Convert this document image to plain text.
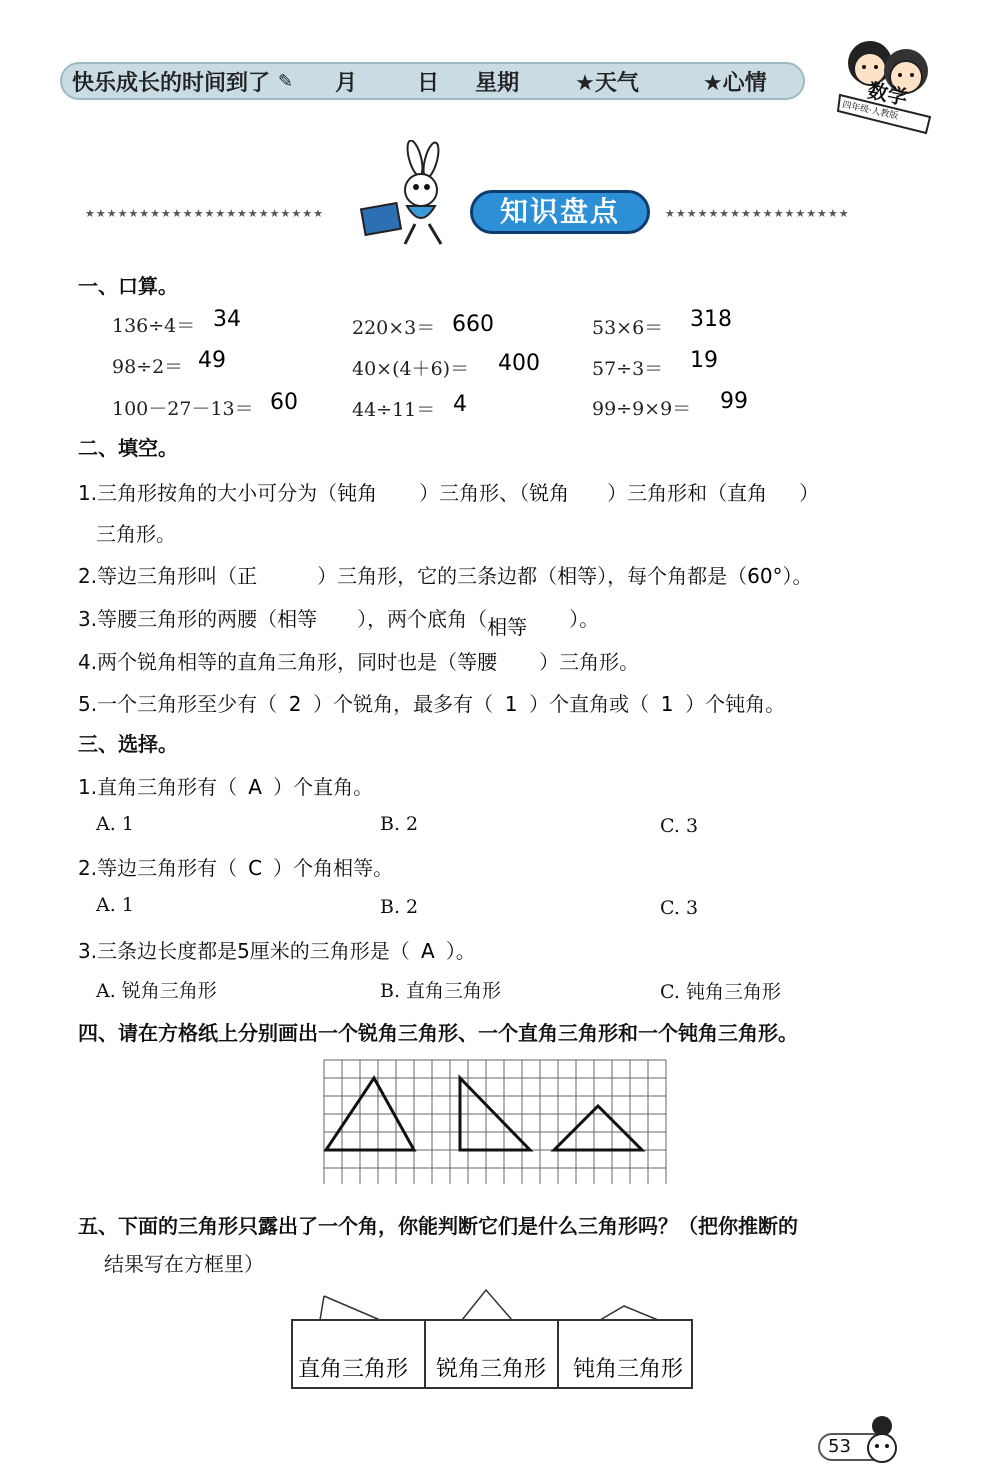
快乐成长的时间到了 ✎ 月	日 星期	★天气	★心情	数学
四年级·人教版
★★★★★★★★★★★★★★★★★★★★★★	★★★★★★★★★★★★★★★★★
知识盘点
一、口算。
136÷4＝ 34	220×3＝ 660	53×6＝ 318
98÷2＝ 49	40×(4＋6)＝ 400	57÷3＝ 19
100－27－13＝ 60	44÷11＝ 4	99÷9×9＝ 99
二、填空。
1.三角形按角的大小可分为（钝角 ）三角形、（锐角 ）三角形和（直角 ）
三角形。
2.等边三角形叫（正	）三角形，它的三条边都（相等），每个角都是（60°）。
3.等腰三角形的两腰（相等 ），两个底角（相等 ）。
4.两个锐角相等的直角三角形，同时也是（等腰 ）三角形。
5.一个三角形至少有（ 2 ）个锐角，最多有（ 1 ）个直角或（ 1 ）个钝角。
三、选择。
1.直角三角形有（ A ）个直角。
A. 1	B. 2	C. 3
2.等边三角形有（ C ）个角相等。
A. 1	B. 2	C. 3
3.三条边长度都是5厘米的三角形是（ A ）。
A. 锐角三角形	B. 直角三角形	C. 钝角三角形
四、请在方格纸上分别画出一个锐角三角形、一个直角三角形和一个钝角三角形。
五、下面的三角形只露出了一个角，你能判断它们是什么三角形吗？（把你推断的
结果写在方框里）
直角三角形 锐角三角形 钝角三角形
53
